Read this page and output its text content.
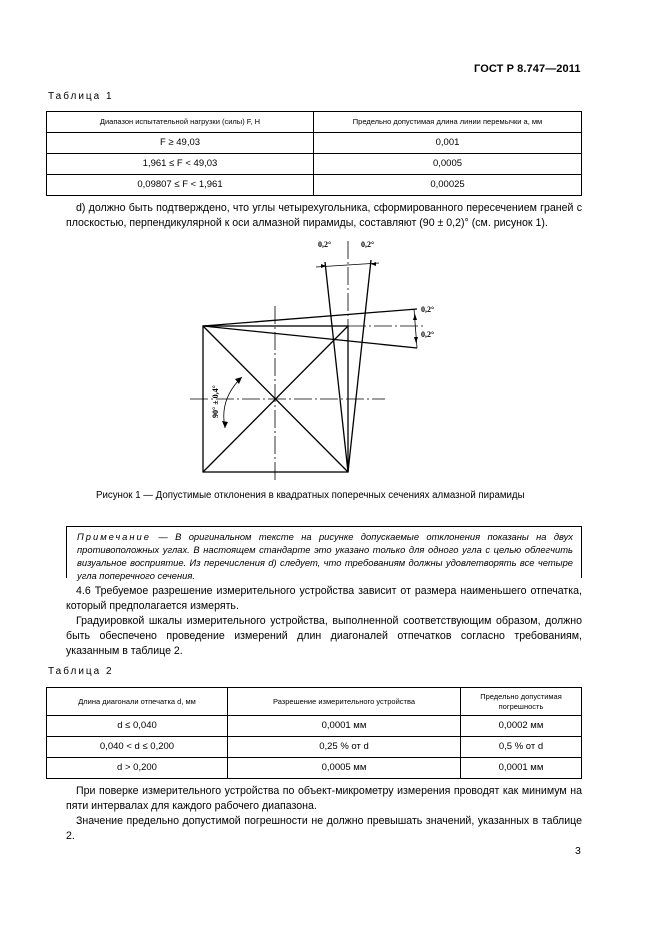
ГОСТ Р 8.747—2011
Таблица 1
Диапазон испытательной нагрузки (силы) F, Н	Предельно допустимая длина линии перемычки a, мм
F ≥ 49,03	0,001
1,961 ≤ F < 49,03	0,0005
0,09807 ≤ F < 1,961	0,00025
d) должно быть подтверждено, что углы четырехугольника, сформированного пересечением граней с плоскостью, перпендикулярной к оси алмазной пирамиды, составляют (90 ± 0,2)° (см. рисунок 1).
0,2°	0,2°
0,2°
0,2°
90° ± 0,4°
Рисунок 1 — Допустимые отклонения в квадратных поперечных сечениях алмазной пирамиды
Примечание — В оригинальном тексте на рисунке допускаемые отклонения показаны на двух противоположных углах. В настоящем стандарте это указано только для одного угла с целью облегчить визуальное восприятие. Из перечисления d) следует, что требованиям должны удовлетворять все четыре угла поперечного сечения.
4.6 Требуемое разрешение измерительного устройства зависит от размера наименьшего отпечатка, который предполагается измерять.
Градуировкой шкалы измерительного устройства, выполненной соответствующим образом, должно быть обеспечено проведение измерений длин диагоналей отпечатков согласно требованиям, указанным в таблице 2.
Таблица 2
Длина диагонали отпечатка d, мм	Разрешение измерительного устройства	Предельно допустимая погрешность
d ≤ 0,040	0,0001 мм	0,0002 мм
0,040 < d ≤ 0,200	0,25 % от d	0,5 % от d
d > 0,200	0,0005 мм	0,0001 мм
При поверке измерительного устройства по объект-микрометру измерения проводят как минимум на пяти интервалах для каждого рабочего диапазона.
Значение предельно допустимой погрешности не должно превышать значений, указанных в таблице 2.
3
